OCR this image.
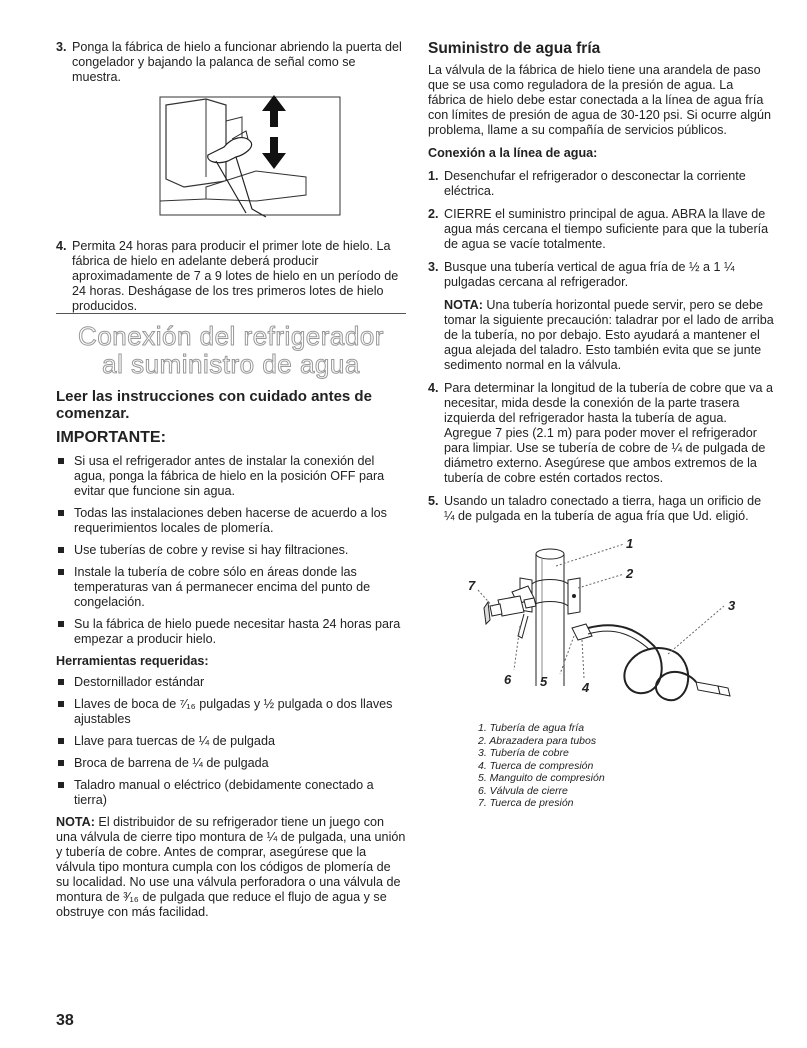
3. Ponga la fábrica de hielo a funcionar abriendo la puerta del congelador y bajando la palanca de señal como se muestra.
4. Permita 24 horas para producir el primer lote de hielo. La fábrica de hielo en adelante deberá producir aproximadamente de 7 a 9 lotes de hielo en un período de 24 horas. Deshágase de los tres primeros lotes de hielo producidos.
Conexión del refrigerador
al suministro de agua
Leer las instrucciones con cuidado antes de comenzar.
IMPORTANTE:
Si usa el refrigerador antes de instalar la conexión del agua, ponga la fábrica de hielo en la posición OFF para evitar que funcione sin agua.
Todas las instalaciones deben hacerse de acuerdo a los requerimientos locales de plomería.
Use tuberías de cobre y revise si hay filtraciones.
Instale la tubería de cobre sólo en áreas donde las temperaturas van á permanecer encima del punto de congelación.
Su la fábrica de hielo puede necesitar hasta 24 horas para empezar a producir hielo.
Herramientas requeridas:
Destornillador estándar
Llaves de boca de ⁷⁄₁₆ pulgadas y ½ pulgada o dos llaves ajustables
Llave para tuercas de ¼ de pulgada
Broca de barrena de ¼ de pulgada
Taladro manual o eléctrico (debidamente conectado a tierra)

NOTA: El distribuidor de su refrigerador tiene un juego con una válvula de cierre tipo montura de ¼ de pulgada, una unión y tubería de cobre. Antes de comprar, asegúrese que la válvula tipo montura cumpla con los códigos de plomería de su localidad. No use una válvula perforadora o una válvula de montura de ³⁄₁₆ de pulgada que reduce el flujo de agua y se obstruye con más facilidad.

Suministro de agua fría

La válvula de la fábrica de hielo tiene una arandela de paso que se usa como reguladora de la presión de agua. La fábrica de hielo debe estar conectada a la línea de agua fría con límites de presión de agua de 30-120 psi. Si ocurre algún problema, llame a su compañía de servicios públicos.

Conexión a la línea de agua:
1. Desenchufar el refrigerador o desconectar la corriente eléctrica.
2. CIERRE el suministro principal de agua. ABRA la llave de agua más cercana el tiempo suficiente para que la tubería de agua se vacíe totalmente.
3. Busque una tubería vertical de agua fría de ½ a 1 ¼ pulgadas cercana al refrigerador.

NOTA: Una tubería horizontal puede servir, pero se debe tomar la siguiente precaución: taladrar por el lado de arriba de la tubería, no por debajo. Esto ayudará a mantener el agua alejada del taladro. Esto también evita que se junte sedimento normal en la válvula.

4. Para determinar la longitud de la tubería de cobre que va a necesitar, mida desde la conexión de la parte trasera izquierda del refrigerador hasta la tubería de agua. Agregue 7 pies (2.1 m) para poder mover el refrigerador para limpiar. Use se tubería de cobre de ¼ de pulgada de diámetro externo. Asegúrese que ambos extremos de la tubería de cobre estén cortados rectos.
5. Usando un taladro conectado a tierra, haga un orificio de ¼ de pulgada en la tubería de agua fría que Ud. eligió.
1
2
3
4
5
6
7
1. Tubería de agua fría
2. Abrazadera para tubos
3. Tubería de cobre
4. Tuerca de compresión
5. Manguito de compresión
6. Válvula de cierre
7. Tuerca de presión
38
